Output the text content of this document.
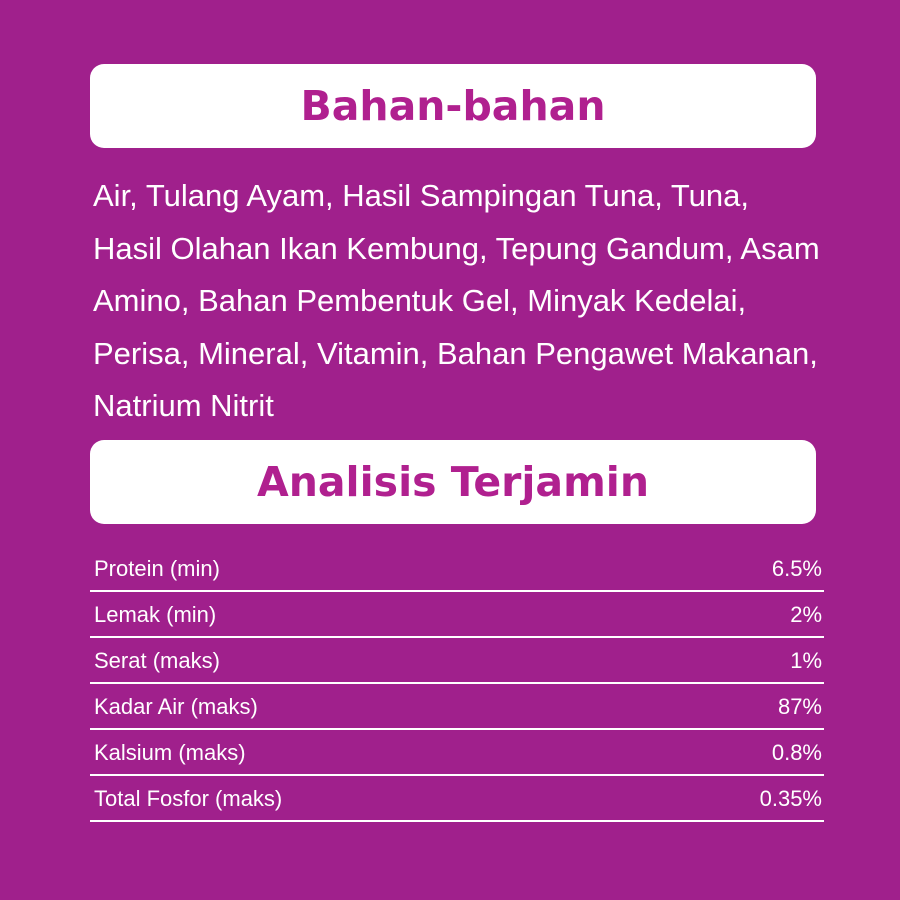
Bahan-bahan

Air, Tulang Ayam, Hasil Sampingan Tuna, Tuna, Hasil Olahan Ikan Kembung, Tepung Gandum, Asam Amino, Bahan Pembentuk Gel, Minyak Kedelai, Perisa, Mineral, Vitamin, Bahan Pengawet Makanan, Natrium Nitrit

Analisis Terjamin
Protein (min)	6.5%
Lemak (min)	2%
Serat (maks)	1%
Kadar Air (maks)	87%
Kalsium (maks)	0.8%
Total Fosfor (maks)	0.35%
